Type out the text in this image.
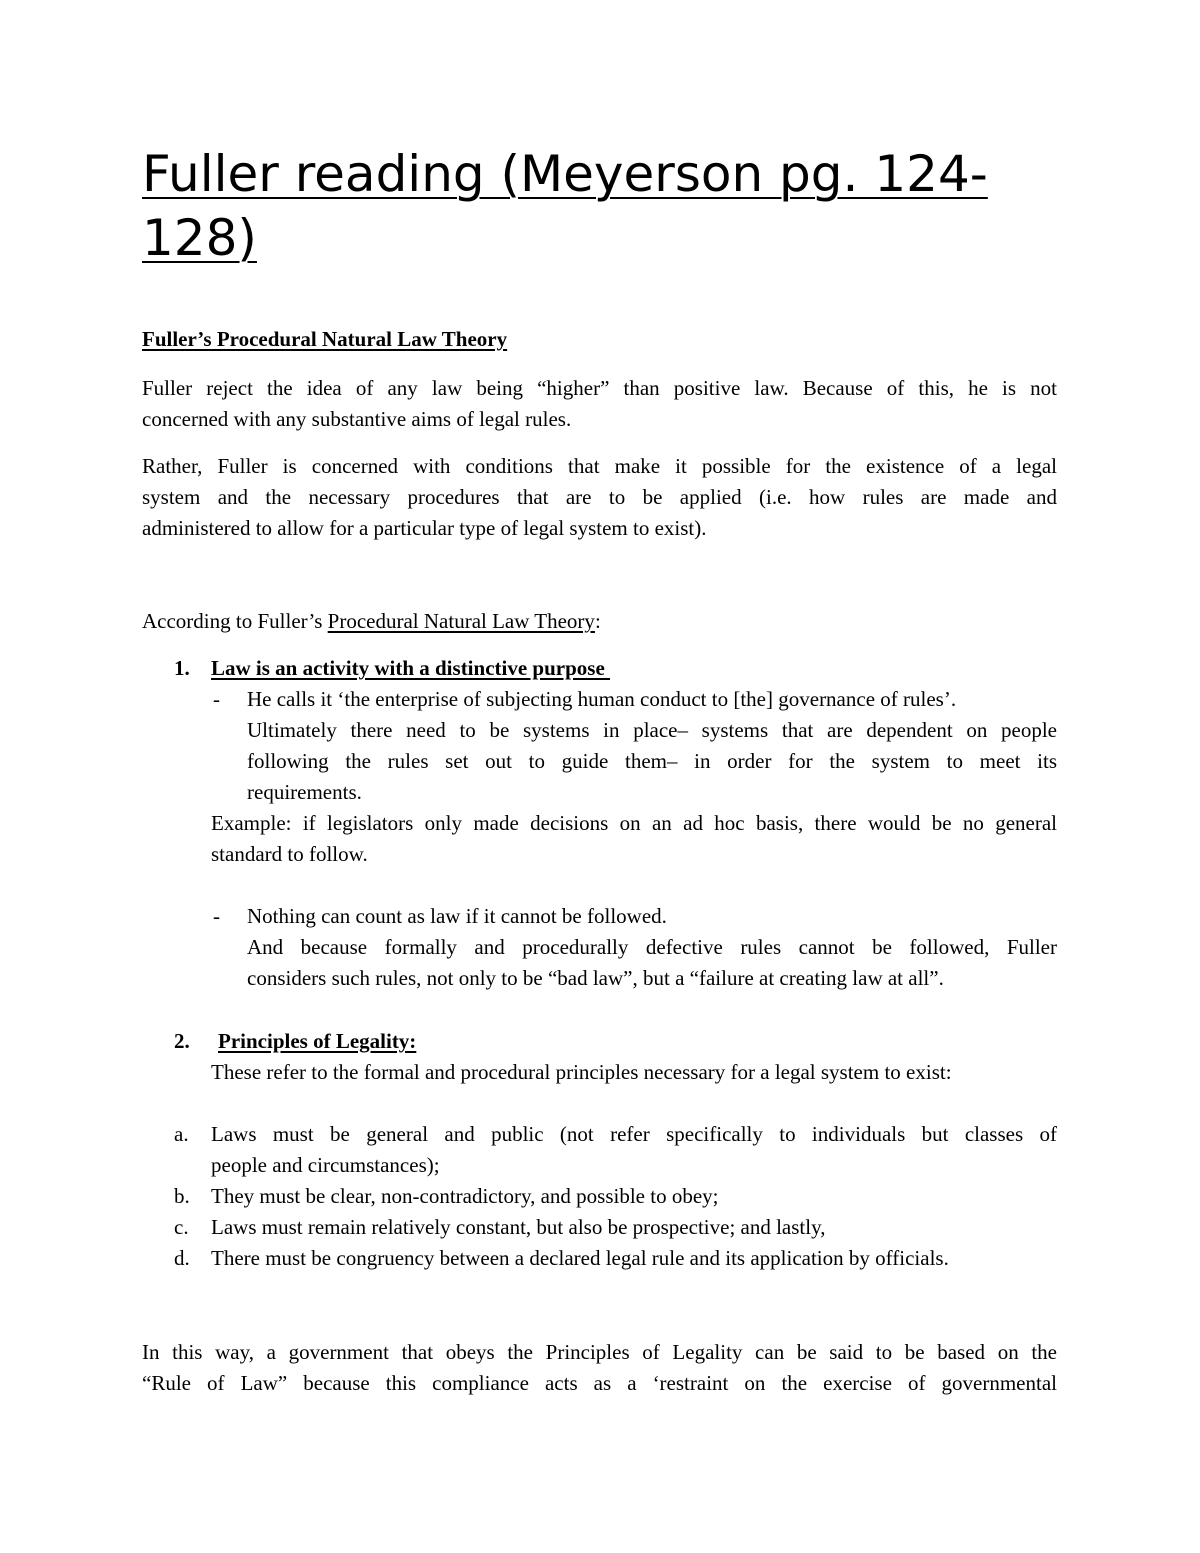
Fuller reading (Meyerson pg. 124-
128)
Fuller’s Procedural Natural Law Theory
Fuller reject the idea of any law being “higher” than positive law. Because of this, he is not
concerned with any substantive aims of legal rules.
Rather, Fuller is concerned with conditions that make it possible for the existence of a legal
system and the necessary procedures that are to be applied (i.e. how rules are made and
administered to allow for a particular type of legal system to exist).
According to Fuller’s Procedural Natural Law Theory:
1. Law is an activity with a distinctive purpose
- He calls it ‘the enterprise of subjecting human conduct to [the] governance of rules’.
Ultimately there need to be systems in place– systems that are dependent on people
following the rules set out to guide them– in order for the system to meet its
requirements.
Example: if legislators only made decisions on an ad hoc basis, there would be no general
standard to follow.
- Nothing can count as law if it cannot be followed.
And because formally and procedurally defective rules cannot be followed, Fuller
considers such rules, not only to be “bad law”, but a “failure at creating law at all”.
2. Principles of Legality:
These refer to the formal and procedural principles necessary for a legal system to exist:
a. Laws must be general and public (not refer specifically to individuals but classes of
people and circumstances);
b. They must be clear, non-contradictory, and possible to obey;
c. Laws must remain relatively constant, but also be prospective; and lastly,
d. There must be congruency between a declared legal rule and its application by officials.
In this way, a government that obeys the Principles of Legality can be said to be based on the
“Rule of Law” because this compliance acts as a ‘restraint on the exercise of governmental
